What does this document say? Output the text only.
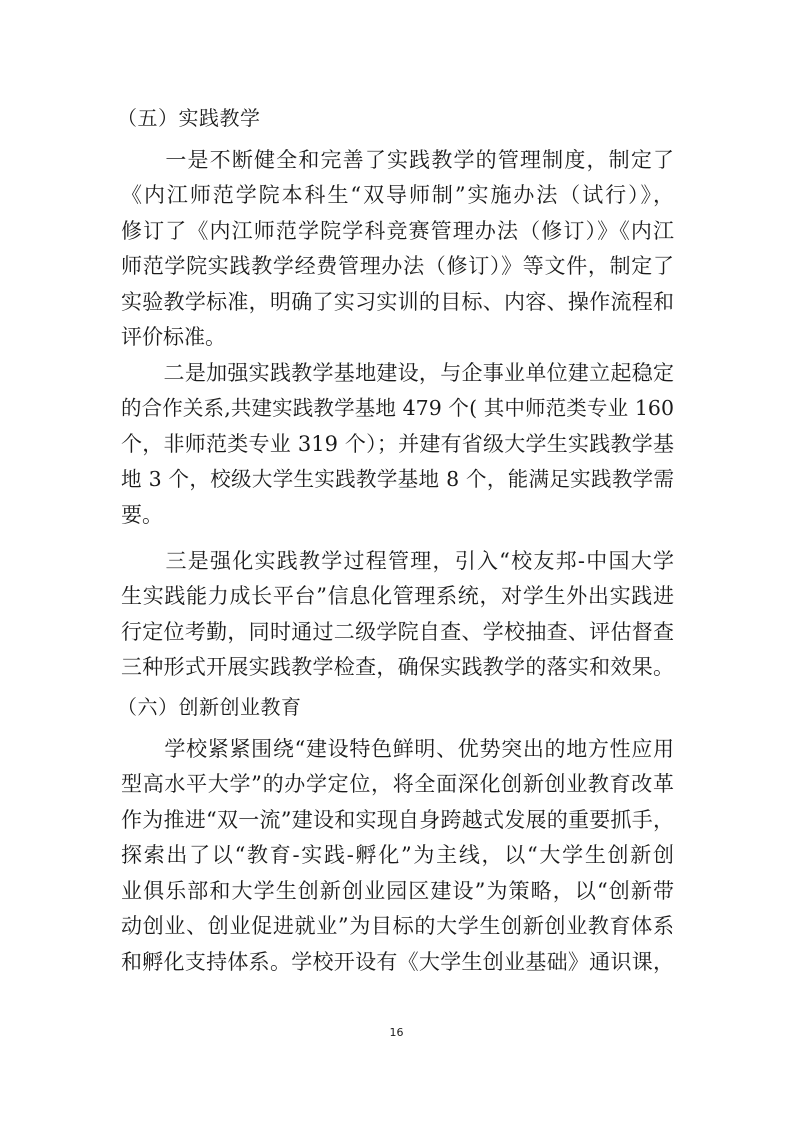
（五）实践教学
　　一是不断健全和完善了实践教学的管理制度，制定了
《内江师范学院本科生“双导师制”实施办法（试行）》，
修订了《内江师范学院学科竞赛管理办法（修订）》《内江
师范学院实践教学经费管理办法（修订）》等文件，制定了
实验教学标准，明确了实习实训的目标、内容、操作流程和
评价标准。
　　二是加强实践教学基地建设，与企事业单位建立起稳定
的合作关系,共建实践教学基地 479 个( 其中师范类专业 160
个，非师范类专业 319 个）；并建有省级大学生实践教学基
地 3 个，校级大学生实践教学基地 8 个，能满足实践教学需
要。
　　三是强化实践教学过程管理，引入“校友邦-中国大学
生实践能力成长平台”信息化管理系统，对学生外出实践进
行定位考勤，同时通过二级学院自查、学校抽查、评估督查
三种形式开展实践教学检查，确保实践教学的落实和效果。
（六）创新创业教育
　　学校紧紧围绕“建设特色鲜明、优势突出的地方性应用
型高水平大学”的办学定位，将全面深化创新创业教育改革
作为推进“双一流”建设和实现自身跨越式发展的重要抓手，
探索出了以“教育-实践-孵化”为主线，以“大学生创新创
业俱乐部和大学生创新创业园区建设”为策略，以“创新带
动创业、创业促进就业”为目标的大学生创新创业教育体系
和孵化支持体系。学校开设有《大学生创业基础》通识课，
16
